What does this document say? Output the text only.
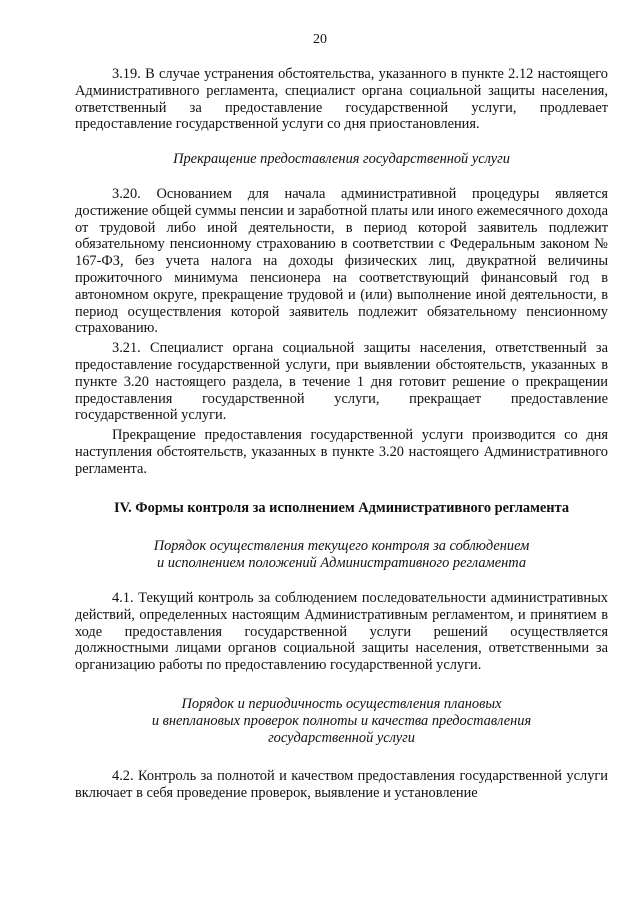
20

3.19. В случае устранения обстоятельства, указанного в пункте 2.12 настоящего Административного регламента, специалист органа социальной защиты населения, ответственный за предоставление государственной услуги, продлевает предоставление государственной услуги со дня приостановления.

Прекращение предоставления государственной услуги

3.20. Основанием для начала административной процедуры является достижение общей суммы пенсии и заработной платы или иного ежемесячного дохода от трудовой либо иной деятельности, в период которой заявитель подлежит обязательному пенсионному страхованию в соответствии с Федеральным законом № 167-ФЗ, без учета налога на доходы физических лиц, двукратной величины прожиточного минимума пенсионера на соответствующий финансовый год в автономном округе, прекращение трудовой и (или) выполнение иной деятельности, в период осуществления которой заявитель подлежит обязательному пенсионному страхованию.

3.21. Специалист органа социальной защиты населения, ответственный за предоставление государственной услуги, при выявлении обстоятельств, указанных в пункте 3.20 настоящего раздела, в течение 1 дня готовит решение о прекращении предоставления государственной услуги, прекращает предоставление государственной услуги.

Прекращение предоставления государственной услуги производится со дня наступления обстоятельств, указанных в пункте 3.20 настоящего Административного регламента.

IV. Формы контроля за исполнением Административного регламента

Порядок осуществления текущего контроля за соблюдением

и исполнением положений Административного регламента

4.1. Текущий контроль за соблюдением последовательности административных действий, определенных настоящим Административным регламентом, и принятием в ходе предоставления государственной услуги решений осуществляется должностными лицами органов социальной защиты населения, ответственными за организацию работы по предоставлению государственной услуги.

Порядок и периодичность осуществления плановых

и внеплановых проверок полноты и качества предоставления

государственной услуги

4.2. Контроль за полнотой и качеством предоставления государственной услуги включает в себя проведение проверок, выявление и установление
